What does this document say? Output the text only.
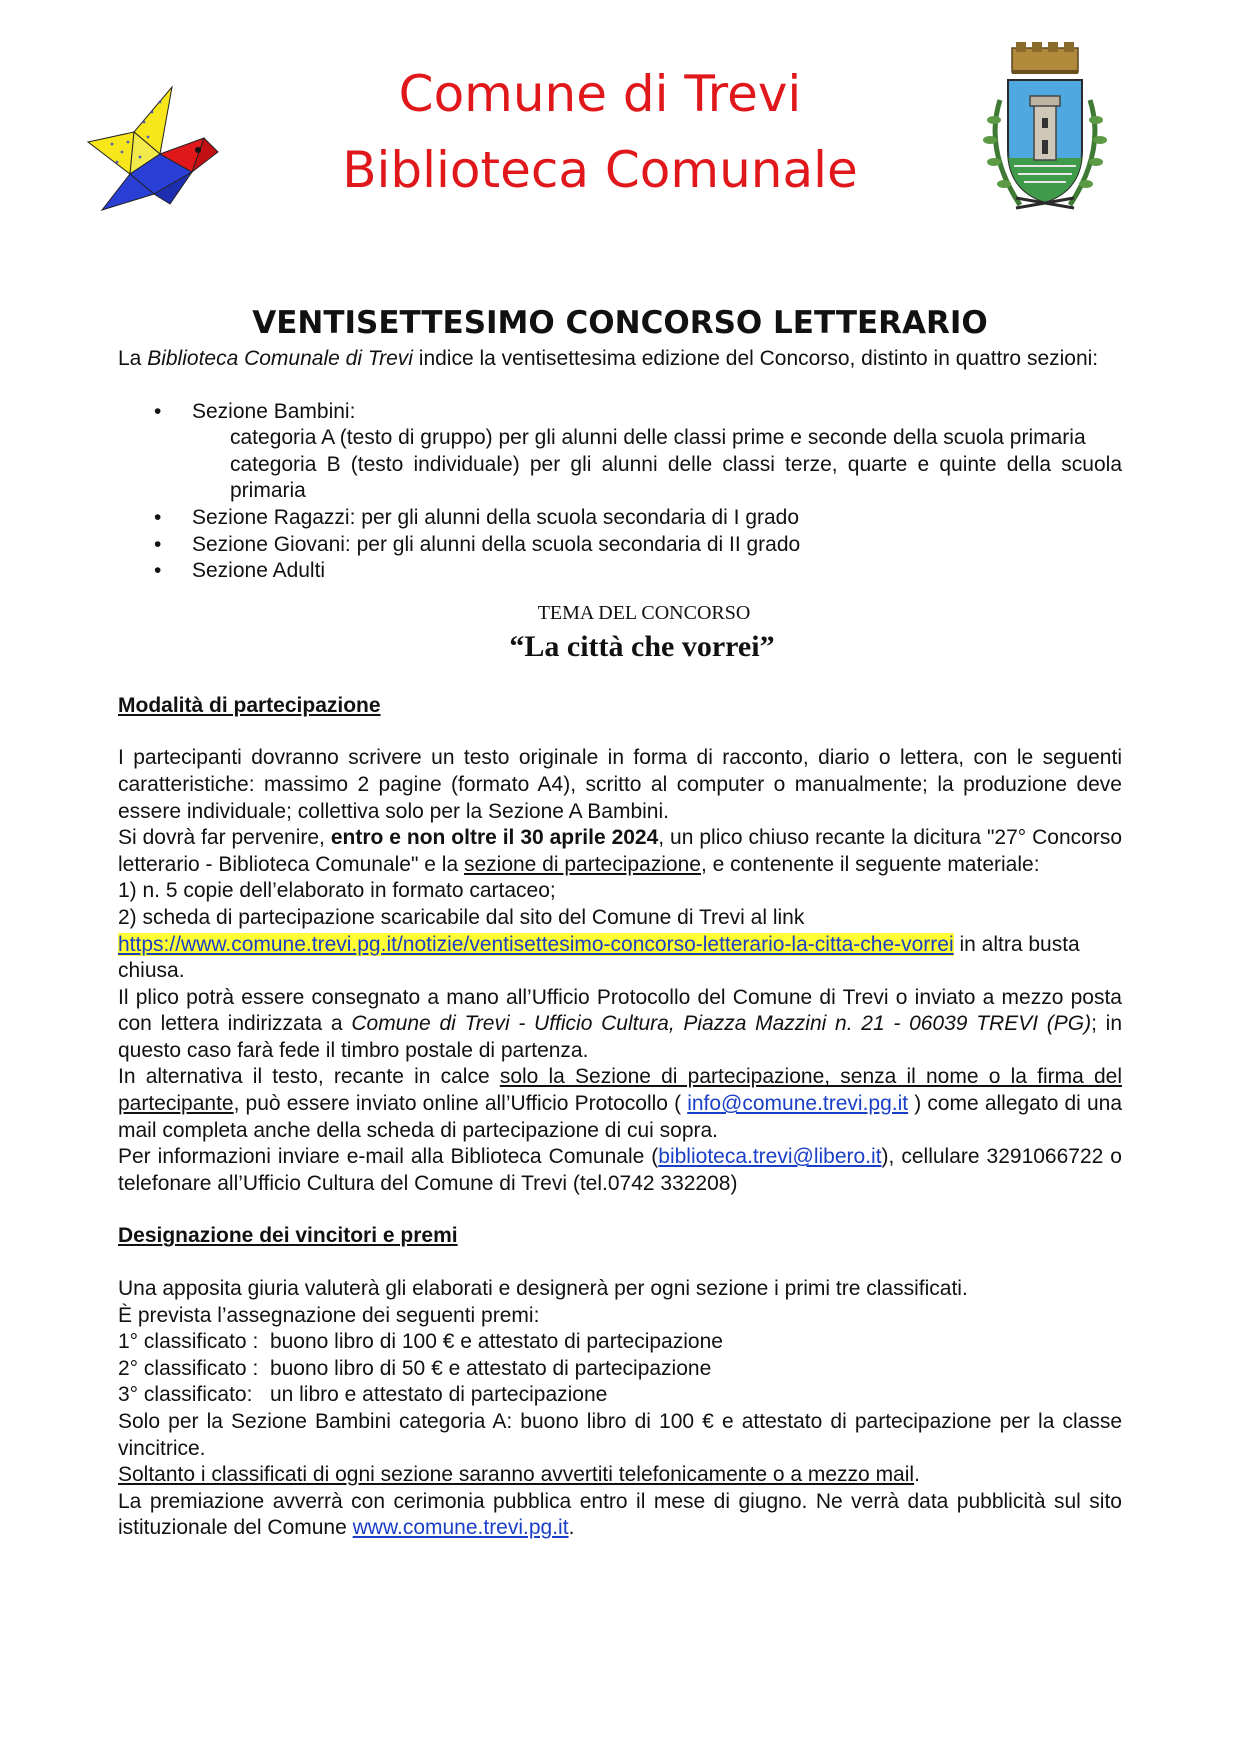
Comune di Trevi
Biblioteca Comunale
VENTISETTESIMO CONCORSO LETTERARIO

La Biblioteca Comunale di Trevi indice la ventisettesima edizione del Concorso, distinto in quattro sezioni:

• Sezione Bambini:

categoria A (testo di gruppo) per gli alunni delle classi prime e seconde della scuola primaria

categoria B (testo individuale) per gli alunni delle classi terze, quarte e quinte della scuola primaria

• Sezione Ragazzi: per gli alunni della scuola secondaria di I grado
• Sezione Giovani: per gli alunni della scuola secondaria di II grado
• Sezione Adulti
TEMA DEL CONCORSO
“La città che vorrei”
Modalità di partecipazione

I partecipanti dovranno scrivere un testo originale in forma di racconto, diario o lettera, con le seguenti caratteristiche: massimo 2 pagine (formato A4), scritto al computer o manualmente; la produzione deve essere individuale; collettiva solo per la Sezione A Bambini.

Si dovrà far pervenire, entro e non oltre il 30 aprile 2024, un plico chiuso recante la dicitura "27° Concorso letterario - Biblioteca Comunale" e la sezione di partecipazione, e contenente il seguente materiale:

1) n. 5 copie dell’elaborato in formato cartaceo;

2) scheda di partecipazione scaricabile dal sito del Comune di Trevi al link

https://www.comune.trevi.pg.it/notizie/ventisettesimo-concorso-letterario-la-citta-che-vorrei in altra busta

chiusa.

Il plico potrà essere consegnato a mano all’Ufficio Protocollo del Comune di Trevi o inviato a mezzo posta con lettera indirizzata a Comune di Trevi - Ufficio Cultura, Piazza Mazzini n. 21 - 06039 TREVI (PG); in questo caso farà fede il timbro postale di partenza.

In alternativa il testo, recante in calce solo la Sezione di partecipazione, senza il nome o la firma del partecipante, può essere inviato online all’Ufficio Protocollo ( info@comune.trevi.pg.it ) come allegato di una mail completa anche della scheda di partecipazione di cui sopra.

Per informazioni inviare e-mail alla Biblioteca Comunale (biblioteca.trevi@libero.it), cellulare 3291066722 o telefonare all’Ufficio Cultura del Comune di Trevi (tel.0742 332208)

Designazione dei vincitori e premi

Una apposita giuria valuterà gli elaborati e designerà per ogni sezione i primi tre classificati.

È prevista l’assegnazione dei seguenti premi:

1° classificato :  buono libro di 100 € e attestato di partecipazione

2° classificato :  buono libro di 50 € e attestato di partecipazione

3° classificato:   un libro e attestato di partecipazione

Solo per la Sezione Bambini categoria A: buono libro di 100 € e attestato di partecipazione per la classe vincitrice.

Soltanto i classificati di ogni sezione saranno avvertiti telefonicamente o a mezzo mail.

La premiazione avverrà con cerimonia pubblica entro il mese di giugno. Ne verrà data pubblicità sul sito istituzionale del Comune www.comune.trevi.pg.it.
